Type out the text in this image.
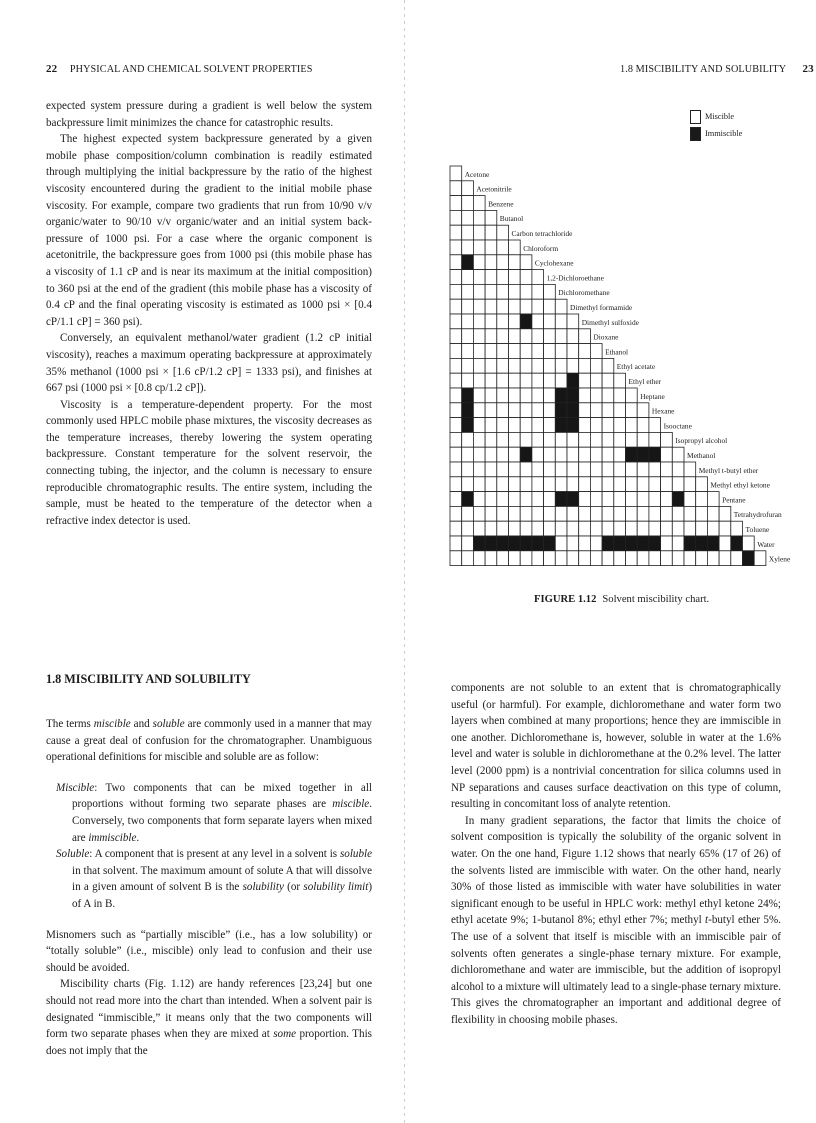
22 PHYSICAL AND CHEMICAL SOLVENT PROPERTIES	1.8 MISCIBILITY AND SOLUBILITY 23

expected system pressure during a gradient is well below the system backpressure limit minimizes the chance for catastrophic results.

The highest expected system backpressure generated by a given mobile phase composition/column combination is readily estimated through multiplying the initial backpressure by the ratio of the highest viscosity encountered during the gradient to the initial mobile phase viscosity. For example, compare two gradients that run from 10/90 v/v organic/water to 90/10 v/v organic/water and an initial system back-pressure of 1000 psi. For a case where the organic component is acetonitrile, the backpressure goes from 1000 psi (this mobile phase has a viscosity of 1.1 cP and is near its maximum at the initial composition) to 360 psi at the end of the gradient (this mobile phase has a viscosity of 0.4 cP and the final operating viscosity is estimated as 1000 psi × [0.4 cP/1.1 cP] = 360 psi).

Conversely, an equivalent methanol/water gradient (1.2 cP initial viscosity), reaches a maximum operating backpressure at approximately 35% methanol (1000 psi × [1.6 cP/1.2 cP] = 1333 psi), and finishes at 667 psi (1000 psi × [0.8 cp/1.2 cP]).

Viscosity is a temperature-dependent property. For the most commonly used HPLC mobile phase mixtures, the viscosity decreases as the temperature increases, thereby lowering the system operating backpressure. Constant temperature for the solvent reservoir, the connecting tubing, the injector, and the column is necessary to ensure reproducible chromatographic results. The entire system, including the sample, must be heated to the temperature of the detector when a refractive index detector is used.

1.8 MISCIBILITY AND SOLUBILITY

The terms miscible and soluble are commonly used in a manner that may cause a great deal of confusion for the chromatographer. Unambiguous operational definitions for miscible and soluble are as follow:

Miscible: Two components that can be mixed together in all proportions without forming two separate phases are miscible. Conversely, two components that form separate layers when mixed are immiscible.

Soluble: A component that is present at any level in a solvent is soluble in that solvent. The maximum amount of solute A that will dissolve in a given amount of solvent B is the solubility (or solubility limit) of A in B.

Misnomers such as “partially miscible” (i.e., has a low solubility) or “totally soluble” (i.e., miscible) only lead to confusion and their use should be avoided.

Miscibility charts (Fig. 1.12) are handy references [23,24] but one should not read more into the chart than intended. When a solvent pair is designated “immiscible,” it means only that the two components will form two separate phases when they are mixed at some proportion. This does not imply that the

Miscible
Immiscible
Acetone
Acetonitrile
Benzene
Butanol
Carbon tetrachloride
Chloroform
Cyclohexane
1,2-Dichloroethane
Dichloromethane
Dimethyl formamide
Dimethyl sulfoxide
Dioxane
Ethanol
Ethyl acetate
Ethyl ether
Heptane
Hexane
Isooctane
Isopropyl alcohol
Methanol
Methyl t-butyl ether
Methyl ethyl ketone
Pentane
Tetrahydrofuran
Toluene
Water
Xylene
FIGURE 1.12 Solvent miscibility chart.

components are not soluble to an extent that is chromatographically useful (or harmful). For example, dichloromethane and water form two layers when combined at many proportions; hence they are immiscible in one another. Dichloromethane is, however, soluble in water at the 1.6% level and water is soluble in dichloromethane at the 0.2% level. The latter level (2000 ppm) is a nontrivial concentration for silica columns used in NP separations and causes surface deactivation on this type of column, resulting in concomitant loss of analyte retention.

In many gradient separations, the factor that limits the choice of solvent composition is typically the solubility of the organic solvent in water. On the one hand, Figure 1.12 shows that nearly 65% (17 of 26) of the solvents listed are immiscible with water. On the other hand, nearly 30% of those listed as immiscible with water have solubilities in water significant enough to be useful in HPLC work: methyl ethyl ketone 24%; ethyl acetate 9%; 1-butanol 8%; ethyl ether 7%; methyl t-butyl ether 5%. The use of a solvent that itself is miscible with an immiscible pair of solvents often generates a single-phase ternary mixture. For example, dichloromethane and water are immiscible, but the addition of isopropyl alcohol to a mixture will ultimately lead to a single-phase ternary mixture. This gives the chromatographer an important and additional degree of flexibility in choosing mobile phases.
